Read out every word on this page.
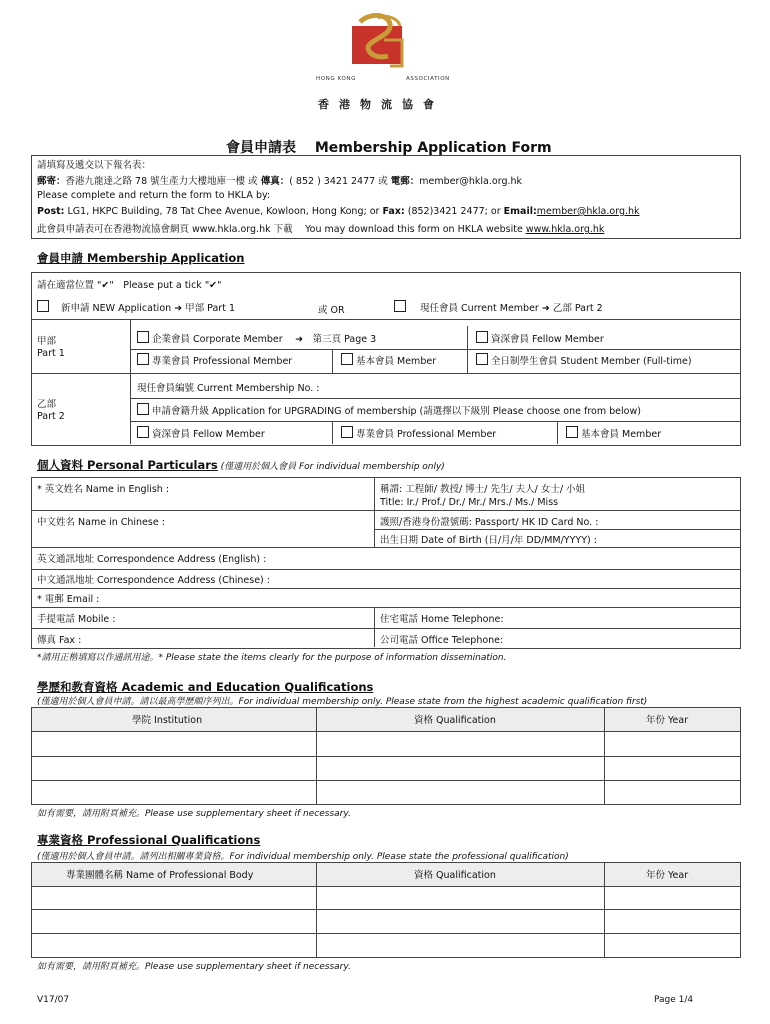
HONG KONG	ASSOCIATION
香港物流協會
會員申請表　 Membership Application Form
請填寫及遞交以下報名表：
郵寄：香港九龍達之路 78 號生產力大樓地庫一樓 或 傳真：( 852 ) 3421 2477 或 電郵：member@hkla.org.hk
Please complete and return the form to HKLA by:
Post: LG1, HKPC Building, 78 Tat Chee Avenue, Kowloon, Hong Kong; or Fax: (852)3421 2477; or Email:member@hkla.org.hk
此會員申請表可在香港物流協會網頁 www.hkla.org.hk 下載　 You may download this form on HKLA website www.hkla.org.hk
會員申請 Membership Application
請在適當位置 "✔"　Please put a tick "✔"
新申請 NEW Application ➜ 甲部 Part 1	或 OR	現任會員 Current Member ➜ 乙部 Part 2
甲部
Part 1
企業會員 Corporate Member　 ➜　第三頁 Page 3	資深會員 Fellow Member
專業會員 Professional Member	基本會員 Member	全日制學生會員 Student Member (Full-time)
現任會員編號 Current Membership No. :
乙部
Part 2	申請會籍升級 Application for UPGRADING of membership (請選擇以下級別 Please choose one from below)
資深會員 Fellow Member	專業會員 Professional Member	基本會員 Member
個人資料 Personal Particulars (僅適用於個人會員 For individual membership only)
* 英文姓名 Name in English :	稱謂: 工程師/ 教授/ 博士/ 先生/ 夫人/ 女士/ 小姐
Title: Ir./ Prof./ Dr./ Mr./ Mrs./ Ms./ Miss
中文姓名 Name in Chinese :	護照/香港身份證號碼: Passport/ HK ID Card No. :
出生日期 Date of Birth (日/月/年 DD/MM/YYYY) :
英文通訊地址 Correspondence Address (English) :
中文通訊地址 Correspondence Address (Chinese) :
* 電郵 Email :
手提電話 Mobile :	住宅電話 Home Telephone:
傳真 Fax :	公司電話 Office Telephone:
*請用正楷填寫以作通訊用途。* Please state the items clearly for the purpose of information dissemination.
學歷和教育資格 Academic and Education Qualifications
(僅適用於個人會員申請。請以最高學歷順序列出。For individual membership only. Please state from the highest academic qualification first)
學院 Institution	資格 Qualification	年份 Year
如有需要，請用附頁補充。Please use supplementary sheet if necessary.
專業資格 Professional Qualifications
(僅適用於個人會員申請。請列出相關專業資格。For individual membership only. Please state the professional qualification)
專業團體名稱 Name of Professional Body	資格 Qualification	年份 Year
如有需要，請用附頁補充。Please use supplementary sheet if necessary.
V17/07	Page 1/4
